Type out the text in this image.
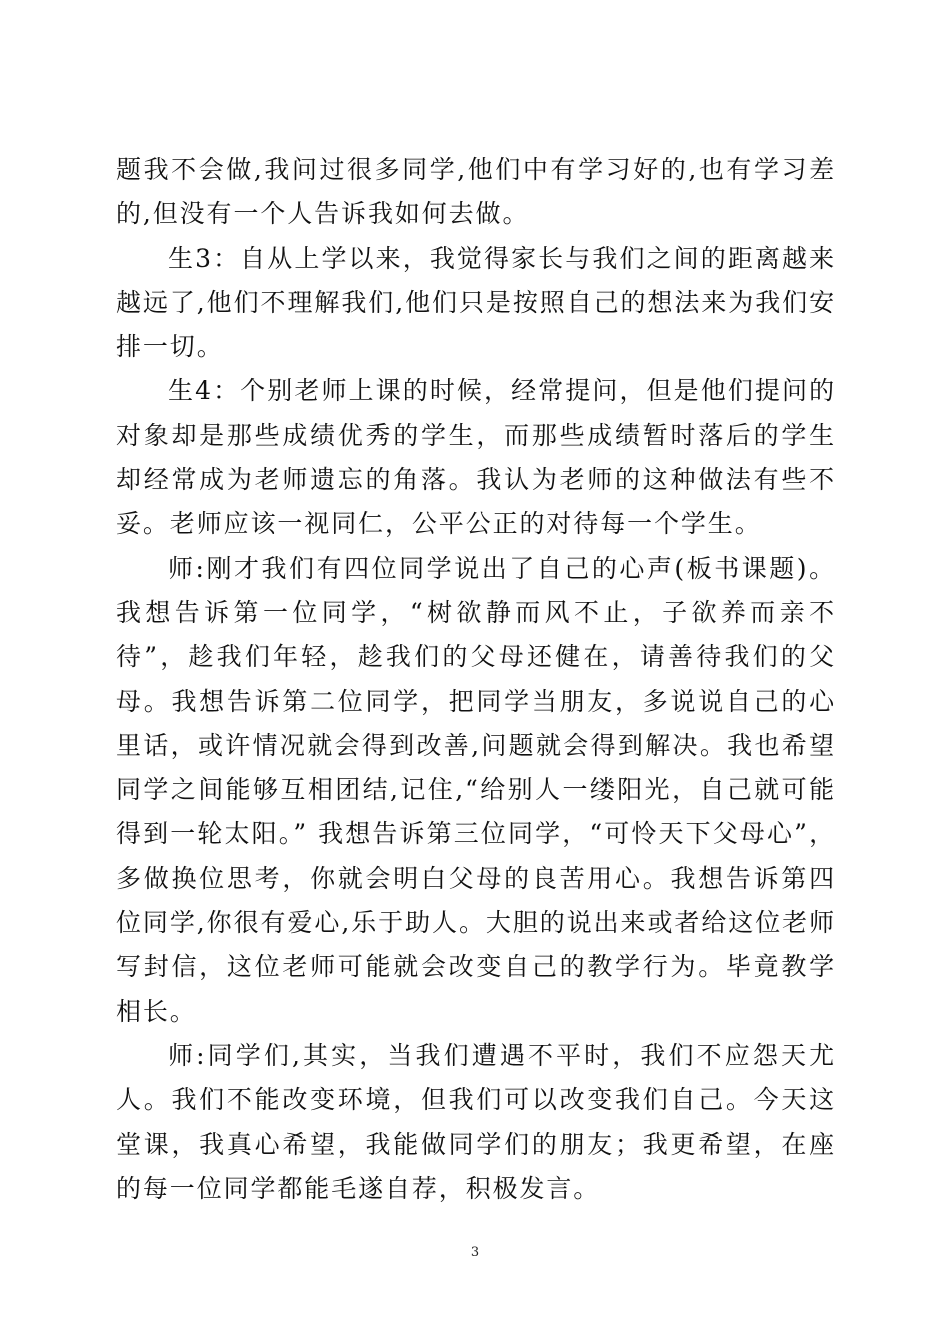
题我不会做,我问过很多同学,他们中有学习好的,也有学习差的,但没有一个人告诉我如何去做。

生3：自从上学以来，我觉得家长与我们之间的距离越来越远了,他们不理解我们,他们只是按照自己的想法来为我们安排一切。

生4：个别老师上课的时候，经常提问，但是他们提问的对象却是那些成绩优秀的学生，而那些成绩暂时落后的学生却经常成为老师遗忘的角落。我认为老师的这种做法有些不妥。老师应该一视同仁，公平公正的对待每一个学生。

师:刚才我们有四位同学说出了自己的心声(板书课题)。我想告诉第一位同学，“树欲静而风不止，子欲养而亲不待”，趁我们年轻，趁我们的父母还健在，请善待我们的父母。我想告诉第二位同学，把同学当朋友，多说说自己的心里话，或许情况就会得到改善,问题就会得到解决。我也希望同学之间能够互相团结,记住,“给别人一缕阳光，自己就可能得到一轮太阳。” 我想告诉第三位同学，“可怜天下父母心”，多做换位思考，你就会明白父母的良苦用心。我想告诉第四位同学,你很有爱心,乐于助人。大胆的说出来或者给这位老师写封信，这位老师可能就会改变自己的教学行为。毕竟教学相长。

师:同学们,其实，当我们遭遇不平时，我们不应怨天尤人。我们不能改变环境，但我们可以改变我们自己。今天这堂课，我真心希望，我能做同学们的朋友；我更希望，在座的每一位同学都能毛遂自荐，积极发言。

3
